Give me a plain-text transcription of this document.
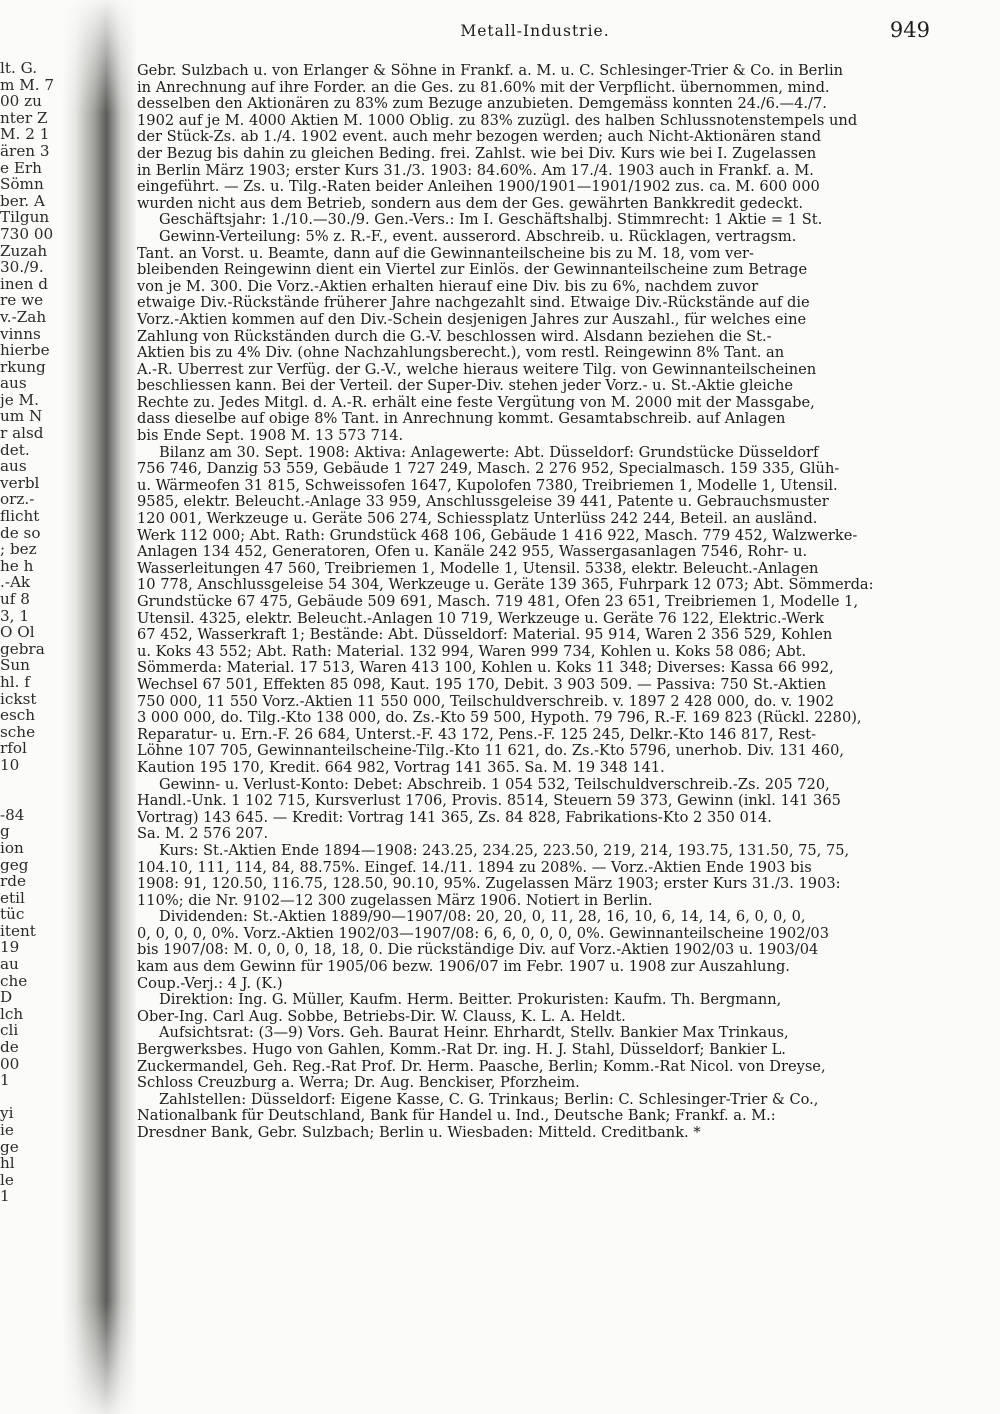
lt. G.
m M. 7
00 zu
nter Z
M. 2 1
ären 3
e Erh
Sömn
ber. A
Tilgun
730 00
Zuzah
30./9.
inen d
re we
v.-Zah
vinns
hierbe
rkung
aus
je M.
um N
r alsd
det.
aus
verbl
orz.-
flicht
de so
; bez
he h
.-Ak
uf 8
3, 1
O Ol
gebra
Sun
hl. f
ickst
esch
sche
rfol
10
-84
g
ion
geg
rde
etil
tüc
itent
19
au
che
D
lch
cli
de
00
1
yi
ie
ge
hl
le
1
Metall-Industrie.	949
Gebr. Sulzbach u. von Erlanger & Söhne in Frankf. a. M. u. C. Schlesinger-Trier & Co. in Berlin
in Anrechnung auf ihre Forder. an die Ges. zu 81.60% mit der Verpflicht. übernommen, mind.
desselben den Aktionären zu 83% zum Bezuge anzubieten. Demgemäss konnten 24./6.—4./7.
1902 auf je M. 4000 Aktien M. 1000 Oblig. zu 83% zuzügl. des halben Schlussnotenstempels und
der Stück-Zs. ab 1./4. 1902 event. auch mehr bezogen werden; auch Nicht-Aktionären stand
der Bezug bis dahin zu gleichen Beding. frei. Zahlst. wie bei Div. Kurs wie bei I. Zugelassen
in Berlin März 1903; erster Kurs 31./3. 1903: 84.60%. Am 17./4. 1903 auch in Frankf. a. M.
eingeführt. — Zs. u. Tilg.-Raten beider Anleihen 1900/1901—1901/1902 zus. ca. M. 600 000
wurden nicht aus dem Betrieb, sondern aus dem der Ges. gewährten Bankkredit gedeckt.
Geschäftsjahr: 1./10.—30./9. Gen.-Vers.: Im I. Geschäftshalbj. Stimmrecht: 1 Aktie = 1 St.
Gewinn-Verteilung: 5% z. R.-F., event. ausserord. Abschreib. u. Rücklagen, vertragsm.
Tant. an Vorst. u. Beamte, dann auf die Gewinnanteilscheine bis zu M. 18, vom ver-
bleibenden Reingewinn dient ein Viertel zur Einlös. der Gewinnanteilscheine zum Betrage
von je M. 300. Die Vorz.-Aktien erhalten hierauf eine Div. bis zu 6%, nachdem zuvor
etwaige Div.-Rückstände früherer Jahre nachgezahlt sind. Etwaige Div.-Rückstände auf die
Vorz.-Aktien kommen auf den Div.-Schein desjenigen Jahres zur Auszahl., für welches eine
Zahlung von Rückständen durch die G.-V. beschlossen wird. Alsdann beziehen die St.-
Aktien bis zu 4% Div. (ohne Nachzahlungsberecht.), vom restl. Reingewinn 8% Tant. an
A.-R. Überrest zur Verfüg. der G.-V., welche hieraus weitere Tilg. von Gewinnanteilscheinen
beschliessen kann. Bei der Verteil. der Super-Div. stehen jeder Vorz.- u. St.-Aktie gleiche
Rechte zu. Jedes Mitgl. d. A.-R. erhält eine feste Vergütung von M. 2000 mit der Massgabe,
dass dieselbe auf obige 8% Tant. in Anrechnung kommt. Gesamtabschreib. auf Anlagen
bis Ende Sept. 1908 M. 13 573 714.
Bilanz am 30. Sept. 1908: Aktiva: Anlagewerte: Abt. Düsseldorf: Grundstücke Düsseldorf
756 746, Danzig 53 559, Gebäude 1 727 249, Masch. 2 276 952, Specialmasch. 159 335, Glüh-
u. Wärmeofen 31 815, Schweissofen 1647, Kupolofen 7380, Treibriemen 1, Modelle 1, Utensil.
9585, elektr. Beleucht.-Anlage 33 959, Anschlussgeleise 39 441, Patente u. Gebrauchsmuster
120 001, Werkzeuge u. Geräte 506 274, Schiessplatz Unterlüss 242 244, Beteil. an ausländ.
Werk 112 000; Abt. Rath: Grundstück 468 106, Gebäude 1 416 922, Masch. 779 452, Walzwerke-
Anlagen 134 452, Generatoren, Öfen u. Kanäle 242 955, Wassergasanlagen 7546, Rohr- u.
Wasserleitungen 47 560, Treibriemen 1, Modelle 1, Utensil. 5338, elektr. Beleucht.-Anlagen
10 778, Anschlussgeleise 54 304, Werkzeuge u. Geräte 139 365, Fuhrpark 12 073; Abt. Sömmerda:
Grundstücke 67 475, Gebäude 509 691, Masch. 719 481, Öfen 23 651, Treibriemen 1, Modelle 1,
Utensil. 4325, elektr. Beleucht.-Anlagen 10 719, Werkzeuge u. Geräte 76 122, Elektric.-Werk
67 452, Wasserkraft 1; Bestände: Abt. Düsseldorf: Material. 95 914, Waren 2 356 529, Kohlen
u. Koks 43 552; Abt. Rath: Material. 132 994, Waren 999 734, Kohlen u. Koks 58 086; Abt.
Sömmerda: Material. 17 513, Waren 413 100, Kohlen u. Koks 11 348; Diverses: Kassa 66 992,
Wechsel 67 501, Effekten 85 098, Kaut. 195 170, Debit. 3 903 509. — Passiva: 750 St.-Aktien
750 000, 11 550 Vorz.-Aktien 11 550 000, Teilschuldverschreib. v. 1897 2 428 000, do. v. 1902
3 000 000, do. Tilg.-Kto 138 000, do. Zs.-Kto 59 500, Hypoth. 79 796, R.-F. 169 823 (Rückl. 2280),
Reparatur- u. Ern.-F. 26 684, Unterst.-F. 43 172, Pens.-F. 125 245, Delkr.-Kto 146 817, Rest-
Löhne 107 705, Gewinnanteilscheine-Tilg.-Kto 11 621, do. Zs.-Kto 5796, unerhob. Div. 131 460,
Kaution 195 170, Kredit. 664 982, Vortrag 141 365. Sa. M. 19 348 141.
Gewinn- u. Verlust-Konto: Debet: Abschreib. 1 054 532, Teilschuldverschreib.-Zs. 205 720,
Handl.-Unk. 1 102 715, Kursverlust 1706, Provis. 8514, Steuern 59 373, Gewinn (inkl. 141 365
Vortrag) 143 645. — Kredit: Vortrag 141 365, Zs. 84 828, Fabrikations-Kto 2 350 014.
Sa. M. 2 576 207.
Kurs: St.-Aktien Ende 1894—1908: 243.25, 234.25, 223.50, 219, 214, 193.75, 131.50, 75, 75,
104.10, 111, 114, 84, 88.75%. Eingef. 14./11. 1894 zu 208%. — Vorz.-Aktien Ende 1903 bis
1908: 91, 120.50, 116.75, 128.50, 90.10, 95%. Zugelassen März 1903; erster Kurs 31./3. 1903:
110%; die Nr. 9102—12 300 zugelassen März 1906. Notiert in Berlin.
Dividenden: St.-Aktien 1889/90—1907/08: 20, 20, 0, 11, 28, 16, 10, 6, 14, 14, 6, 0, 0, 0,
0, 0, 0, 0, 0%. Vorz.-Aktien 1902/03—1907/08: 6, 6, 0, 0, 0, 0%. Gewinnanteilscheine 1902/03
bis 1907/08: M. 0, 0, 0, 18, 18, 0. Die rückständige Div. auf Vorz.-Aktien 1902/03 u. 1903/04
kam aus dem Gewinn für 1905/06 bezw. 1906/07 im Febr. 1907 u. 1908 zur Auszahlung.
Coup.-Verj.: 4 J. (K.)
Direktion: Ing. G. Müller, Kaufm. Herm. Beitter. Prokuristen: Kaufm. Th. Bergmann,
Ober-Ing. Carl Aug. Sobbe, Betriebs-Dir. W. Clauss, K. L. A. Heldt.
Aufsichtsrat: (3—9) Vors. Geh. Baurat Heinr. Ehrhardt, Stellv. Bankier Max Trinkaus,
Bergwerksbes. Hugo von Gahlen, Komm.-Rat Dr. ing. H. J. Stahl, Düsseldorf; Bankier L.
Zuckermandel, Geh. Reg.-Rat Prof. Dr. Herm. Paasche, Berlin; Komm.-Rat Nicol. von Dreyse,
Schloss Creuzburg a. Werra; Dr. Aug. Benckiser, Pforzheim.
Zahlstellen: Düsseldorf: Eigene Kasse, C. G. Trinkaus; Berlin: C. Schlesinger-Trier & Co.,
Nationalbank für Deutschland, Bank für Handel u. Ind., Deutsche Bank; Frankf. a. M.:
Dresdner Bank, Gebr. Sulzbach; Berlin u. Wiesbaden: Mitteld. Creditbank. *
